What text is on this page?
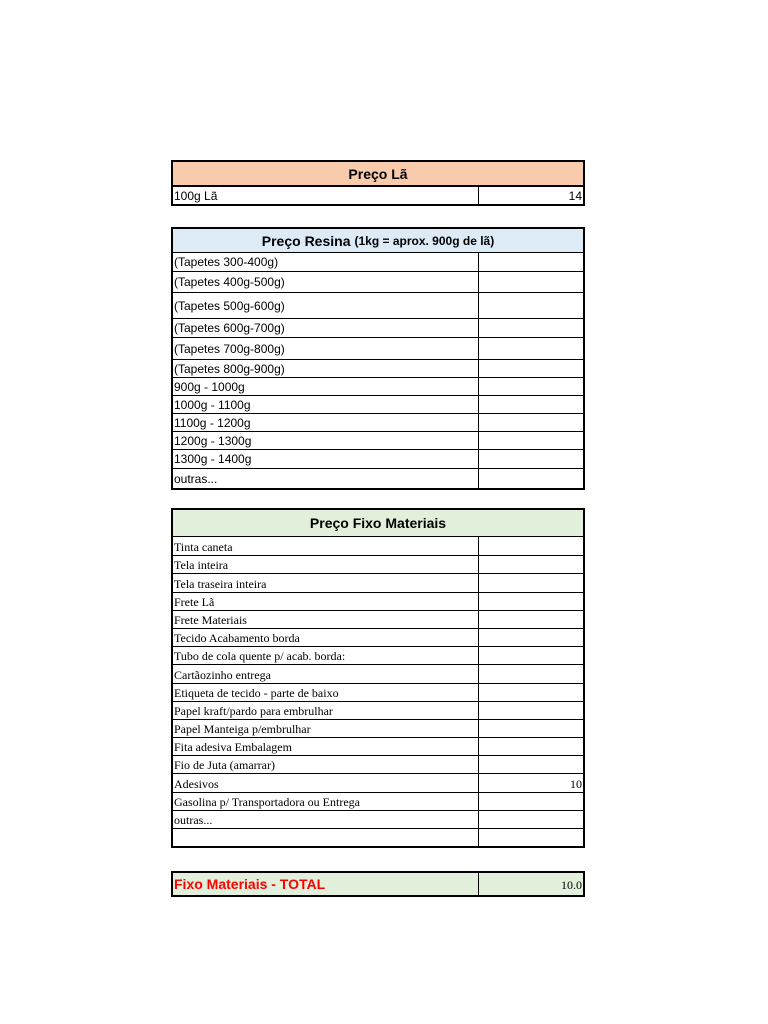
Preço Lã
100g Lã	14
Preço Resina (1kg = aprox. 900g de lã)
(Tapetes 300-400g)
(Tapetes 400g-500g)
(Tapetes 500g-600g)
(Tapetes 600g-700g)
(Tapetes 700g-800g)
(Tapetes 800g-900g)
900g - 1000g
1000g - 1100g
1100g - 1200g
1200g - 1300g
1300g - 1400g
outras...
Preço Fixo Materiais
Tinta caneta
Tela inteira
Tela traseira inteira
Frete Lã
Frete Materiais
Tecido Acabamento borda
Tubo de cola quente p/ acab. borda:
Cartãozinho entrega
Etiqueta de tecido - parte de baixo
Papel kraft/pardo para embrulhar
Papel Manteiga p/embrulhar
Fita adesiva Embalagem
Fio de Juta (amarrar)
Adesivos	10
Gasolina p/ Transportadora ou Entrega
outras...
Fixo Materiais - TOTAL	10.0
